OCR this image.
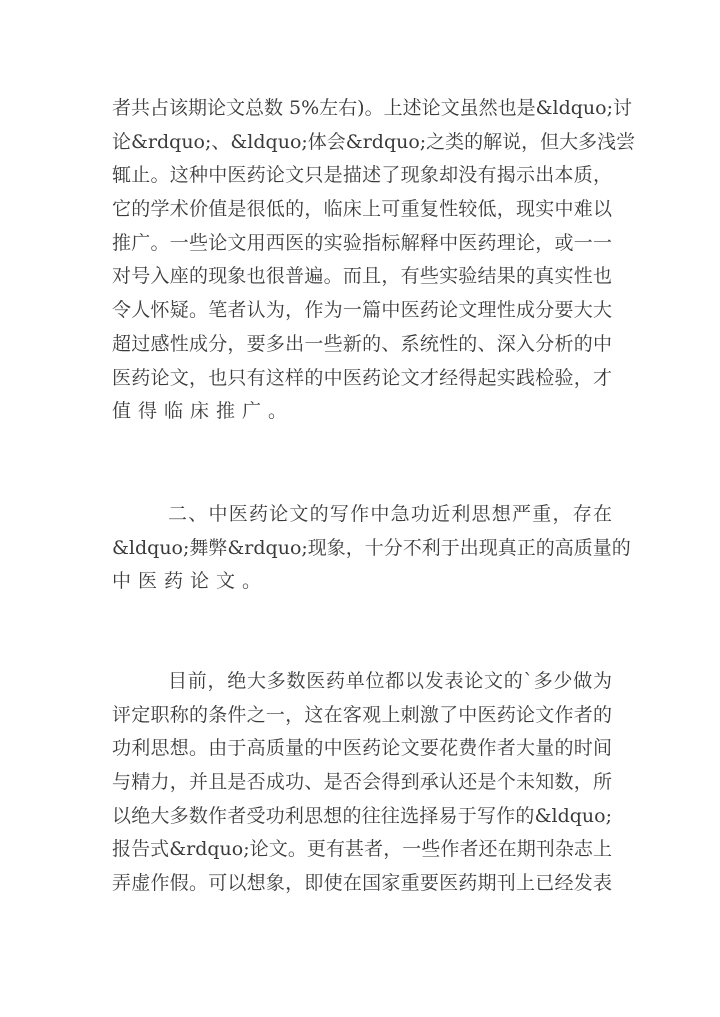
者共占该期论文总数 5%左右)。上述论文虽然也是&ldquo;讨
论&rdquo;、&ldquo;体会&rdquo;之类的解说，但大多浅尝
辄止。这种中医药论文只是描述了现象却没有揭示出本质，
它的学术价值是很低的，临床上可重复性较低，现实中难以
推广。一些论文用西医的实验指标解释中医药理论，或一一
对号入座的现象也很普遍。而且，有些实验结果的真实性也
令人怀疑。笔者认为，作为一篇中医药论文理性成分要大大
超过感性成分，要多出一些新的、系统性的、深入分析的中
医药论文，也只有这样的中医药论文才经得起实践检验，才
值得临床推广。
二、中医药论文的写作中急功近利思想严重，存在
&ldquo;舞弊&rdquo;现象，十分不利于出现真正的高质量的
中医药论文。
目前，绝大多数医药单位都以发表论文的`多少做为
评定职称的条件之一，这在客观上刺激了中医药论文作者的
功利思想。由于高质量的中医药论文要花费作者大量的时间
与精力，并且是否成功、是否会得到承认还是个未知数，所
以绝大多数作者受功利思想的往往选择易于写作的&ldquo;
报告式&rdquo;论文。更有甚者，一些作者还在期刊杂志上
弄虚作假。可以想象，即使在国家重要医药期刊上已经发表
